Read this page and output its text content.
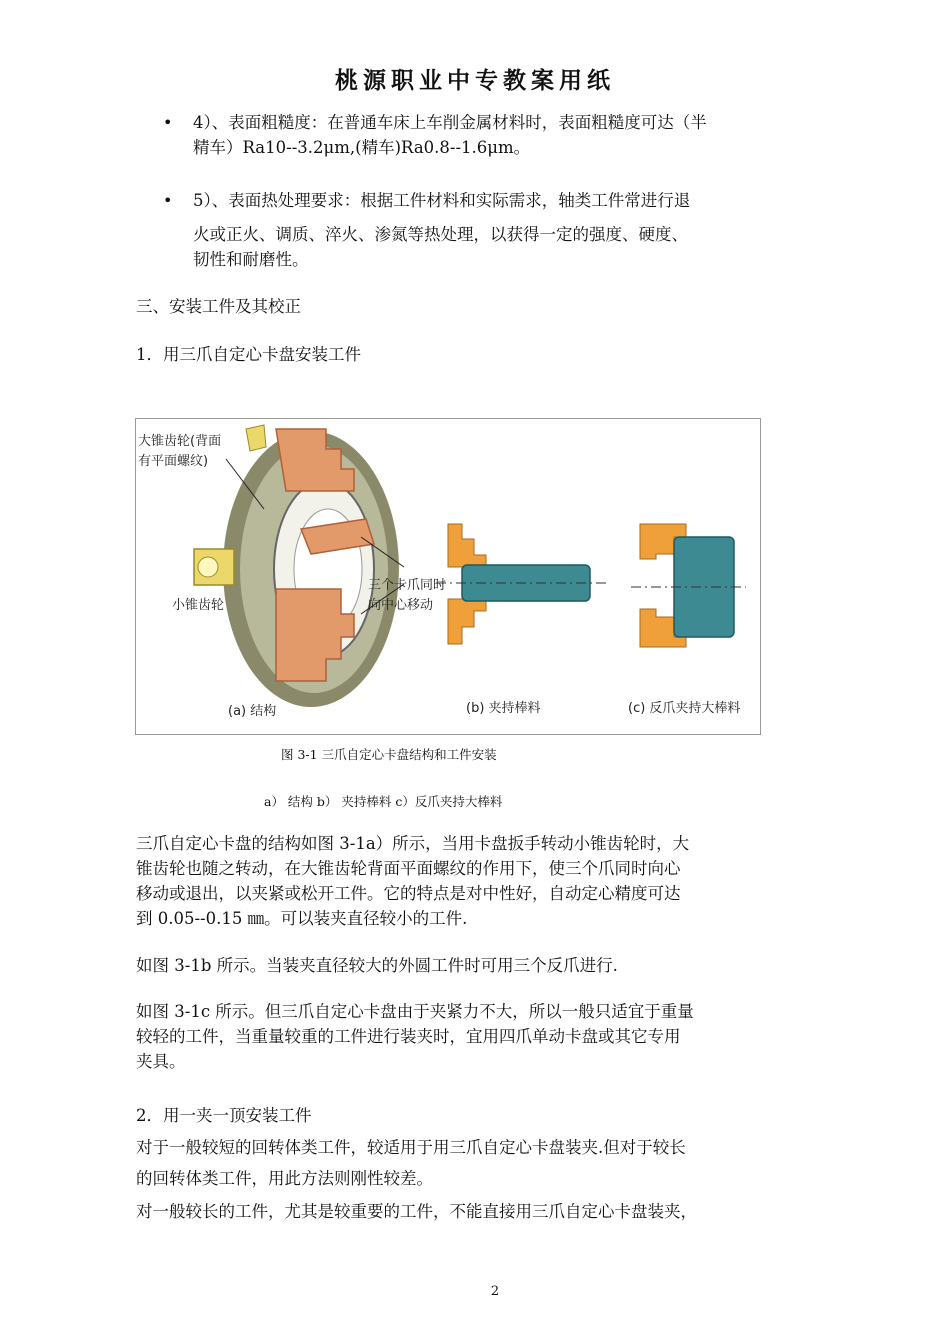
桃源职业中专教案用纸
• 4）、表面粗糙度：在普通车床上车削金属材料时，表面粗糙度可达（半
精车）Ra10--3.2μm,(精车)Ra0.8--1.6μm。
• 5）、表面热处理要求：根据工件材料和实际需求，轴类工件常进行退
火或正火、调质、淬火、渗氮等热处理，以获得一定的强度、硬度、
韧性和耐磨性。
三、安装工件及其校正
1．用三爪自定心卡盘安装工件
大锥齿轮(背面
有平面螺纹)
小锥齿轮
三个卡爪同时
向中心移动
(a) 结构	(b) 夹持棒料	(c) 反爪夹持大棒料
图 3-1 三爪自定心卡盘结构和工件安装
a） 结构 b） 夹持棒料 c）反爪夹持大棒料
三爪自定心卡盘的结构如图 3-1a）所示，当用卡盘扳手转动小锥齿轮时，大
锥齿轮也随之转动，在大锥齿轮背面平面螺纹的作用下，使三个爪同时向心
移动或退出，以夹紧或松开工件。它的特点是对中性好，自动定心精度可达
到 0.05--0.15 ㎜。可以装夹直径较小的工件.
如图 3-1b 所示。当装夹直径较大的外圆工件时可用三个反爪进行.
如图 3-1c 所示。但三爪自定心卡盘由于夹紧力不大，所以一般只适宜于重量
较轻的工件，当重量较重的工件进行装夹时，宜用四爪单动卡盘或其它专用
夹具。
2．用一夹一顶安装工件
对于一般较短的回转体类工件，较适用于用三爪自定心卡盘装夹.但对于较长
的回转体类工件，用此方法则刚性较差。
对一般较长的工件，尤其是较重要的工件，不能直接用三爪自定心卡盘装夹，
2
